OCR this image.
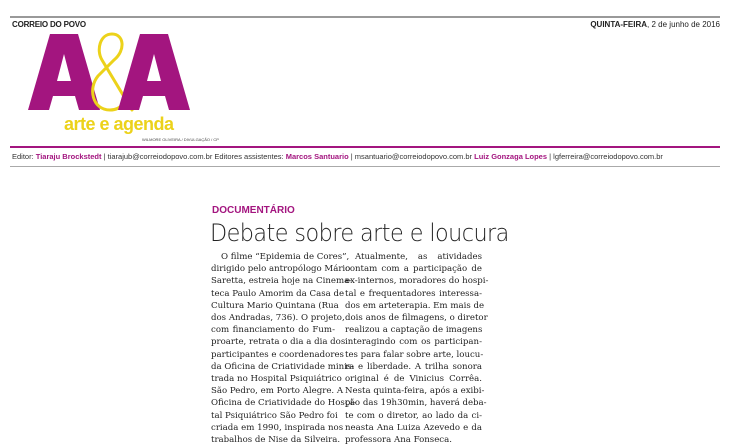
CORREIO DO POVO	QUINTA-FEIRA, 2 de junho de 2016
arte e agenda
WILMORE OLIVEIRA / DIVULGAÇÃO / CP
Editor: Tiaraju Brockstedt | tiarajub@correiodopovo.com.br Editores assistentes: Marcos Santuario | msantuario@correiodopovo.com.br Luiz Gonzaga Lopes | lgferreira@correiodopovo.com.br
DOCUMENTÁRIO
Debate sobre arte e loucura
O filme “Epidemia de Cores”,
dirigido pelo antropólogo Mário
Saretta, estreia hoje na Cinema-
teca Paulo Amorim da Casa de
Cultura Mario Quintana (Rua
dos Andradas, 736). O projeto,
com financiamento do Fum-
proarte, retrata o dia a dia dos
participantes e coordenadores
da Oficina de Criatividade minis-
trada no Hospital Psiquiátrico
São Pedro, em Porto Alegre. A
Oficina de Criatividade do Hospi-
tal Psiquiátrico São Pedro foi
criada em 1990, inspirada nos
trabalhos de Nise da Silveira.
Atualmente, as atividades
contam com a participação de
ex-internos, moradores do hospi-
tal e frequentadores interessa-
dos em arteterapia. Em mais de
dois anos de filmagens, o diretor
realizou a captação de imagens
interagindo com os participan-
tes para falar sobre arte, loucu-
ra e liberdade. A trilha sonora
original é de Vinicius Corrêa.
Nesta quinta-feira, após a exibi-
ção das 19h30min, haverá deba-
te com o diretor, ao lado da ci-
neasta Ana Luiza Azevedo e da
professora Ana Fonseca.
